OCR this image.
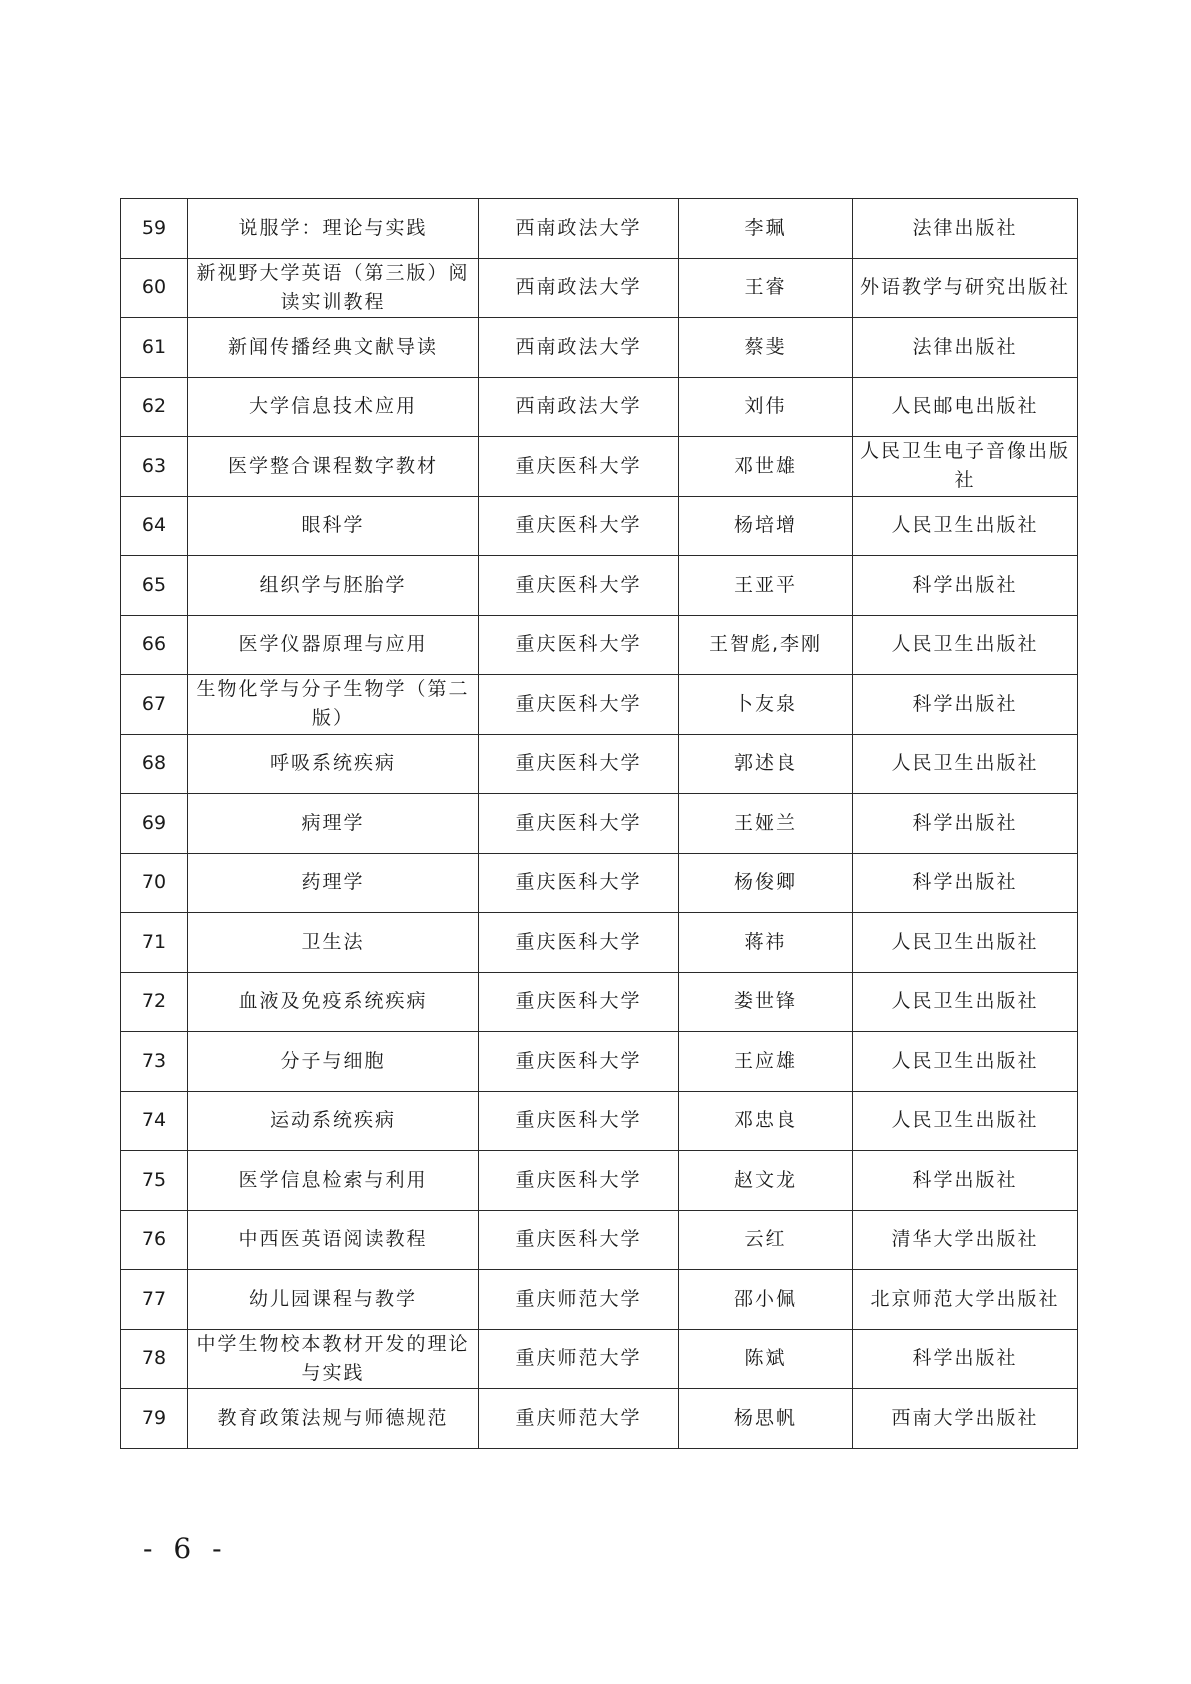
59	说服学：理论与实践	西南政法大学	李珮	法律出版社
60	新视野大学英语（第三版）阅读实训教程	西南政法大学	王睿	外语教学与研究出版社
61	新闻传播经典文献导读	西南政法大学	蔡斐	法律出版社
62	大学信息技术应用	西南政法大学	刘伟	人民邮电出版社
63	医学整合课程数字教材	重庆医科大学	邓世雄	人民卫生电子音像出版社
64	眼科学	重庆医科大学	杨培增	人民卫生出版社
65	组织学与胚胎学	重庆医科大学	王亚平	科学出版社
66	医学仪器原理与应用	重庆医科大学	王智彪,李刚	人民卫生出版社
67	生物化学与分子生物学（第二版）	重庆医科大学	卜友泉	科学出版社
68	呼吸系统疾病	重庆医科大学	郭述良	人民卫生出版社
69	病理学	重庆医科大学	王娅兰	科学出版社
70	药理学	重庆医科大学	杨俊卿	科学出版社
71	卫生法	重庆医科大学	蒋祎	人民卫生出版社
72	血液及免疫系统疾病	重庆医科大学	娄世锋	人民卫生出版社
73	分子与细胞	重庆医科大学	王应雄	人民卫生出版社
74	运动系统疾病	重庆医科大学	邓忠良	人民卫生出版社
75	医学信息检索与利用	重庆医科大学	赵文龙	科学出版社
76	中西医英语阅读教程	重庆医科大学	云红	清华大学出版社
77	幼儿园课程与教学	重庆师范大学	邵小佩	北京师范大学出版社
78	中学生物校本教材开发的理论与实践	重庆师范大学	陈斌	科学出版社
79	教育政策法规与师德规范	重庆师范大学	杨思帆	西南大学出版社
- 6 -
